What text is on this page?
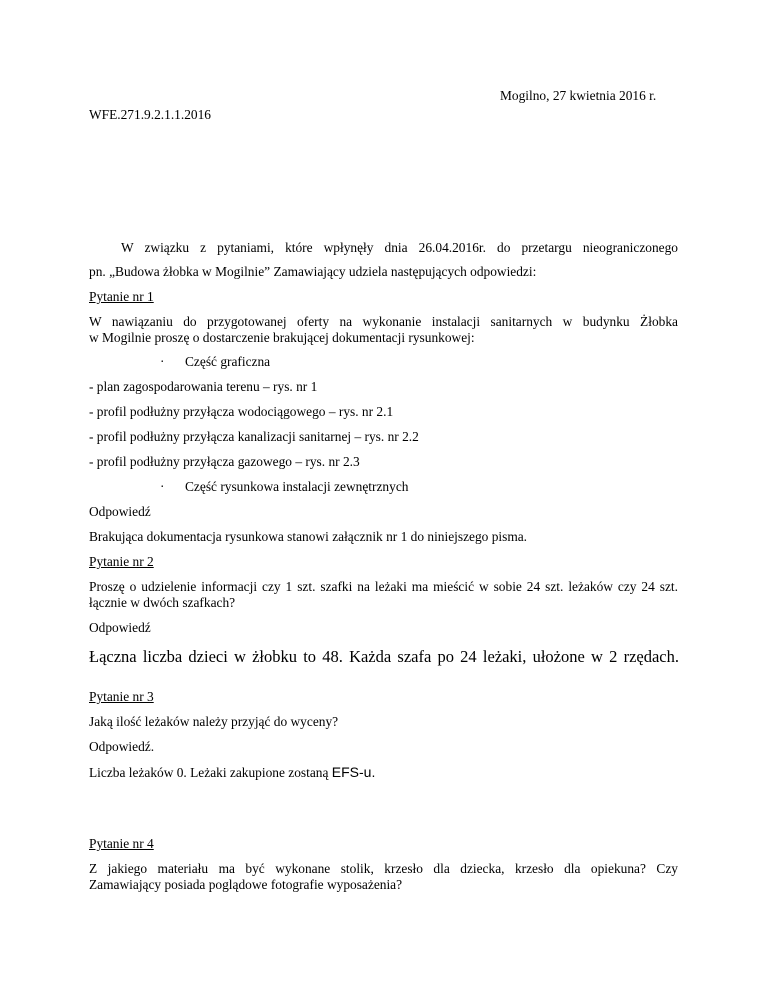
Mogilno, 27 kwietnia 2016 r.
WFE.271.9.2.1.1.2016
W związku z pytaniami, które wpłynęły dnia 26.04.2016r. do przetargu nieograniczonego
pn. „Budowa żłobka w Mogilnie” Zamawiający udziela następujących odpowiedzi:
Pytanie nr 1
W nawiązaniu do przygotowanej oferty na wykonanie instalacji sanitarnych w budynku Żłobka
w Mogilnie proszę o dostarczenie brakującej dokumentacji rysunkowej:
· Część graficzna
- plan zagospodarowania terenu – rys. nr 1
- profil podłużny przyłącza wodociągowego – rys. nr 2.1
- profil podłużny przyłącza kanalizacji sanitarnej – rys. nr 2.2
- profil podłużny przyłącza gazowego – rys. nr 2.3
· Część rysunkowa instalacji zewnętrznych
Odpowiedź
Brakująca dokumentacja rysunkowa stanowi załącznik nr 1 do niniejszego pisma.
Pytanie nr 2
Proszę o udzielenie informacji czy 1 szt. szafki na leżaki ma mieścić w sobie 24 szt. leżaków czy 24 szt.
łącznie w dwóch szafkach?
Odpowiedź
Łączna liczba dzieci w żłobku to 48. Każda szafa po 24 leżaki, ułożone w 2 rzędach.
Pytanie nr 3
Jaką ilość leżaków należy przyjąć do wyceny?
Odpowiedź.
Liczba leżaków 0. Leżaki zakupione zostaną EFS-u.
Pytanie nr 4
Z jakiego materiału ma być wykonane stolik, krzesło dla dziecka, krzesło dla opiekuna? Czy
Zamawiający posiada poglądowe fotografie wyposażenia?
